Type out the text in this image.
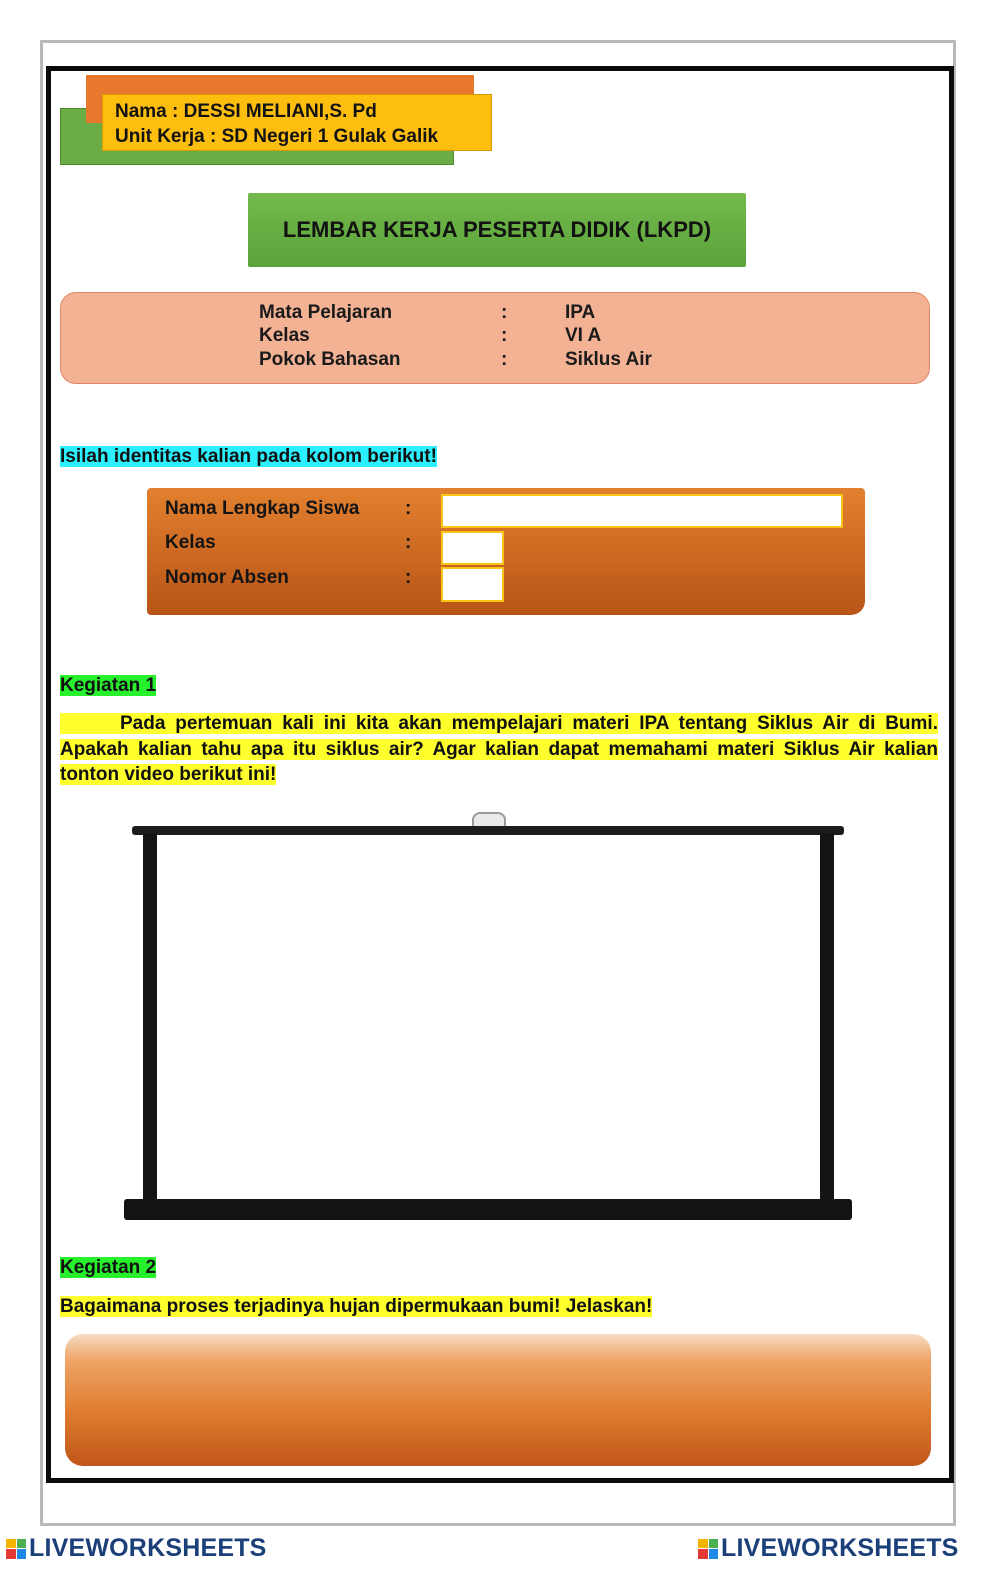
Nama : DESSI MELIANI,S. Pd
Unit Kerja : SD Negeri 1 Gulak Galik
LEMBAR KERJA PESERTA DIDIK (LKPD)
Mata Pelajaran	:	IPA
Kelas	:	VI A
Pokok Bahasan	:	Siklus Air
Isilah identitas kalian pada kolom berikut!
Nama Lengkap Siswa :
Kelas	:
Nomor Absen	:
Kegiatan 1
Pada pertemuan kali ini kita akan mempelajari materi IPA tentang Siklus Air di Bumi. Apakah kalian tahu apa itu siklus air? Agar kalian dapat memahami materi Siklus Air kalian tonton video berikut ini!
Kegiatan 2
Bagaimana proses terjadinya hujan dipermukaan bumi! Jelaskan!
LIVEWORKSHEETS	LIVEWORKSHEETS
